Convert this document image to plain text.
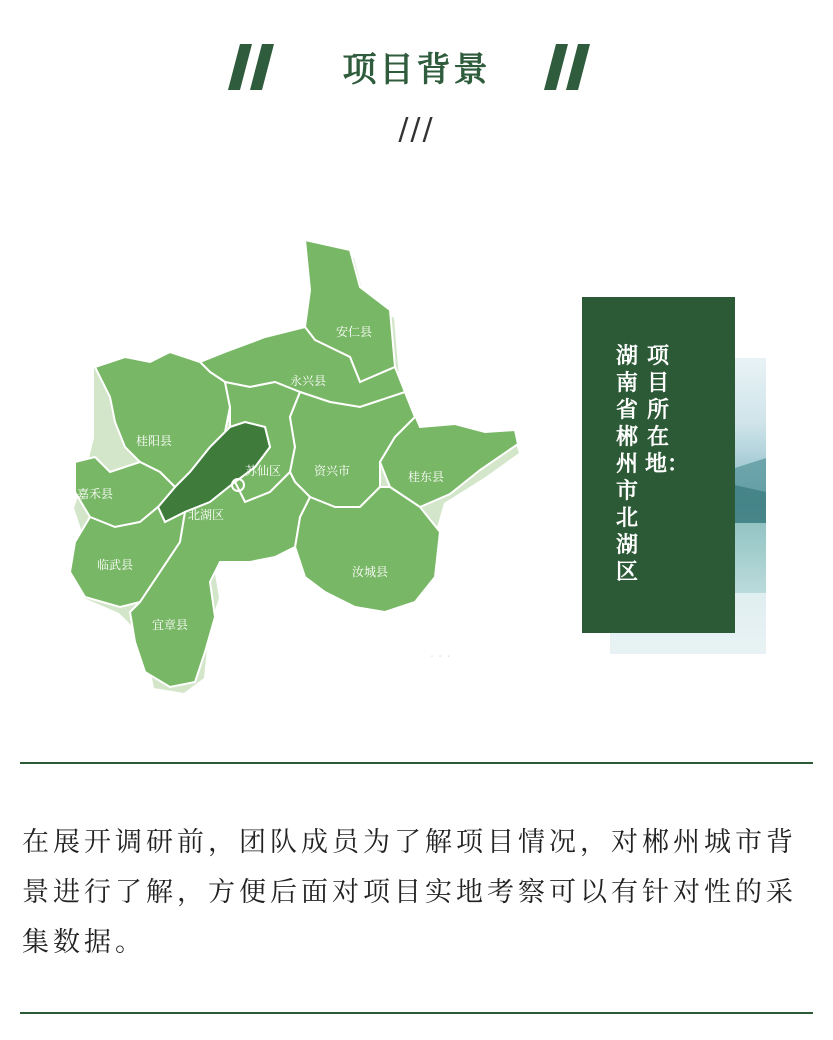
项目背景
///
安仁县
永兴县
桂阳县
苏仙区	资兴市	桂东县
嘉禾县
北湖区
临武县	汝城县
宜章县
项目所在地：
湖南省郴州市北湖区
· · ·
在展开调研前，团队成员为了解项目情况，对郴州城市背景进行了解，方便后面对项目实地考察可以有针对性的采集数据。
